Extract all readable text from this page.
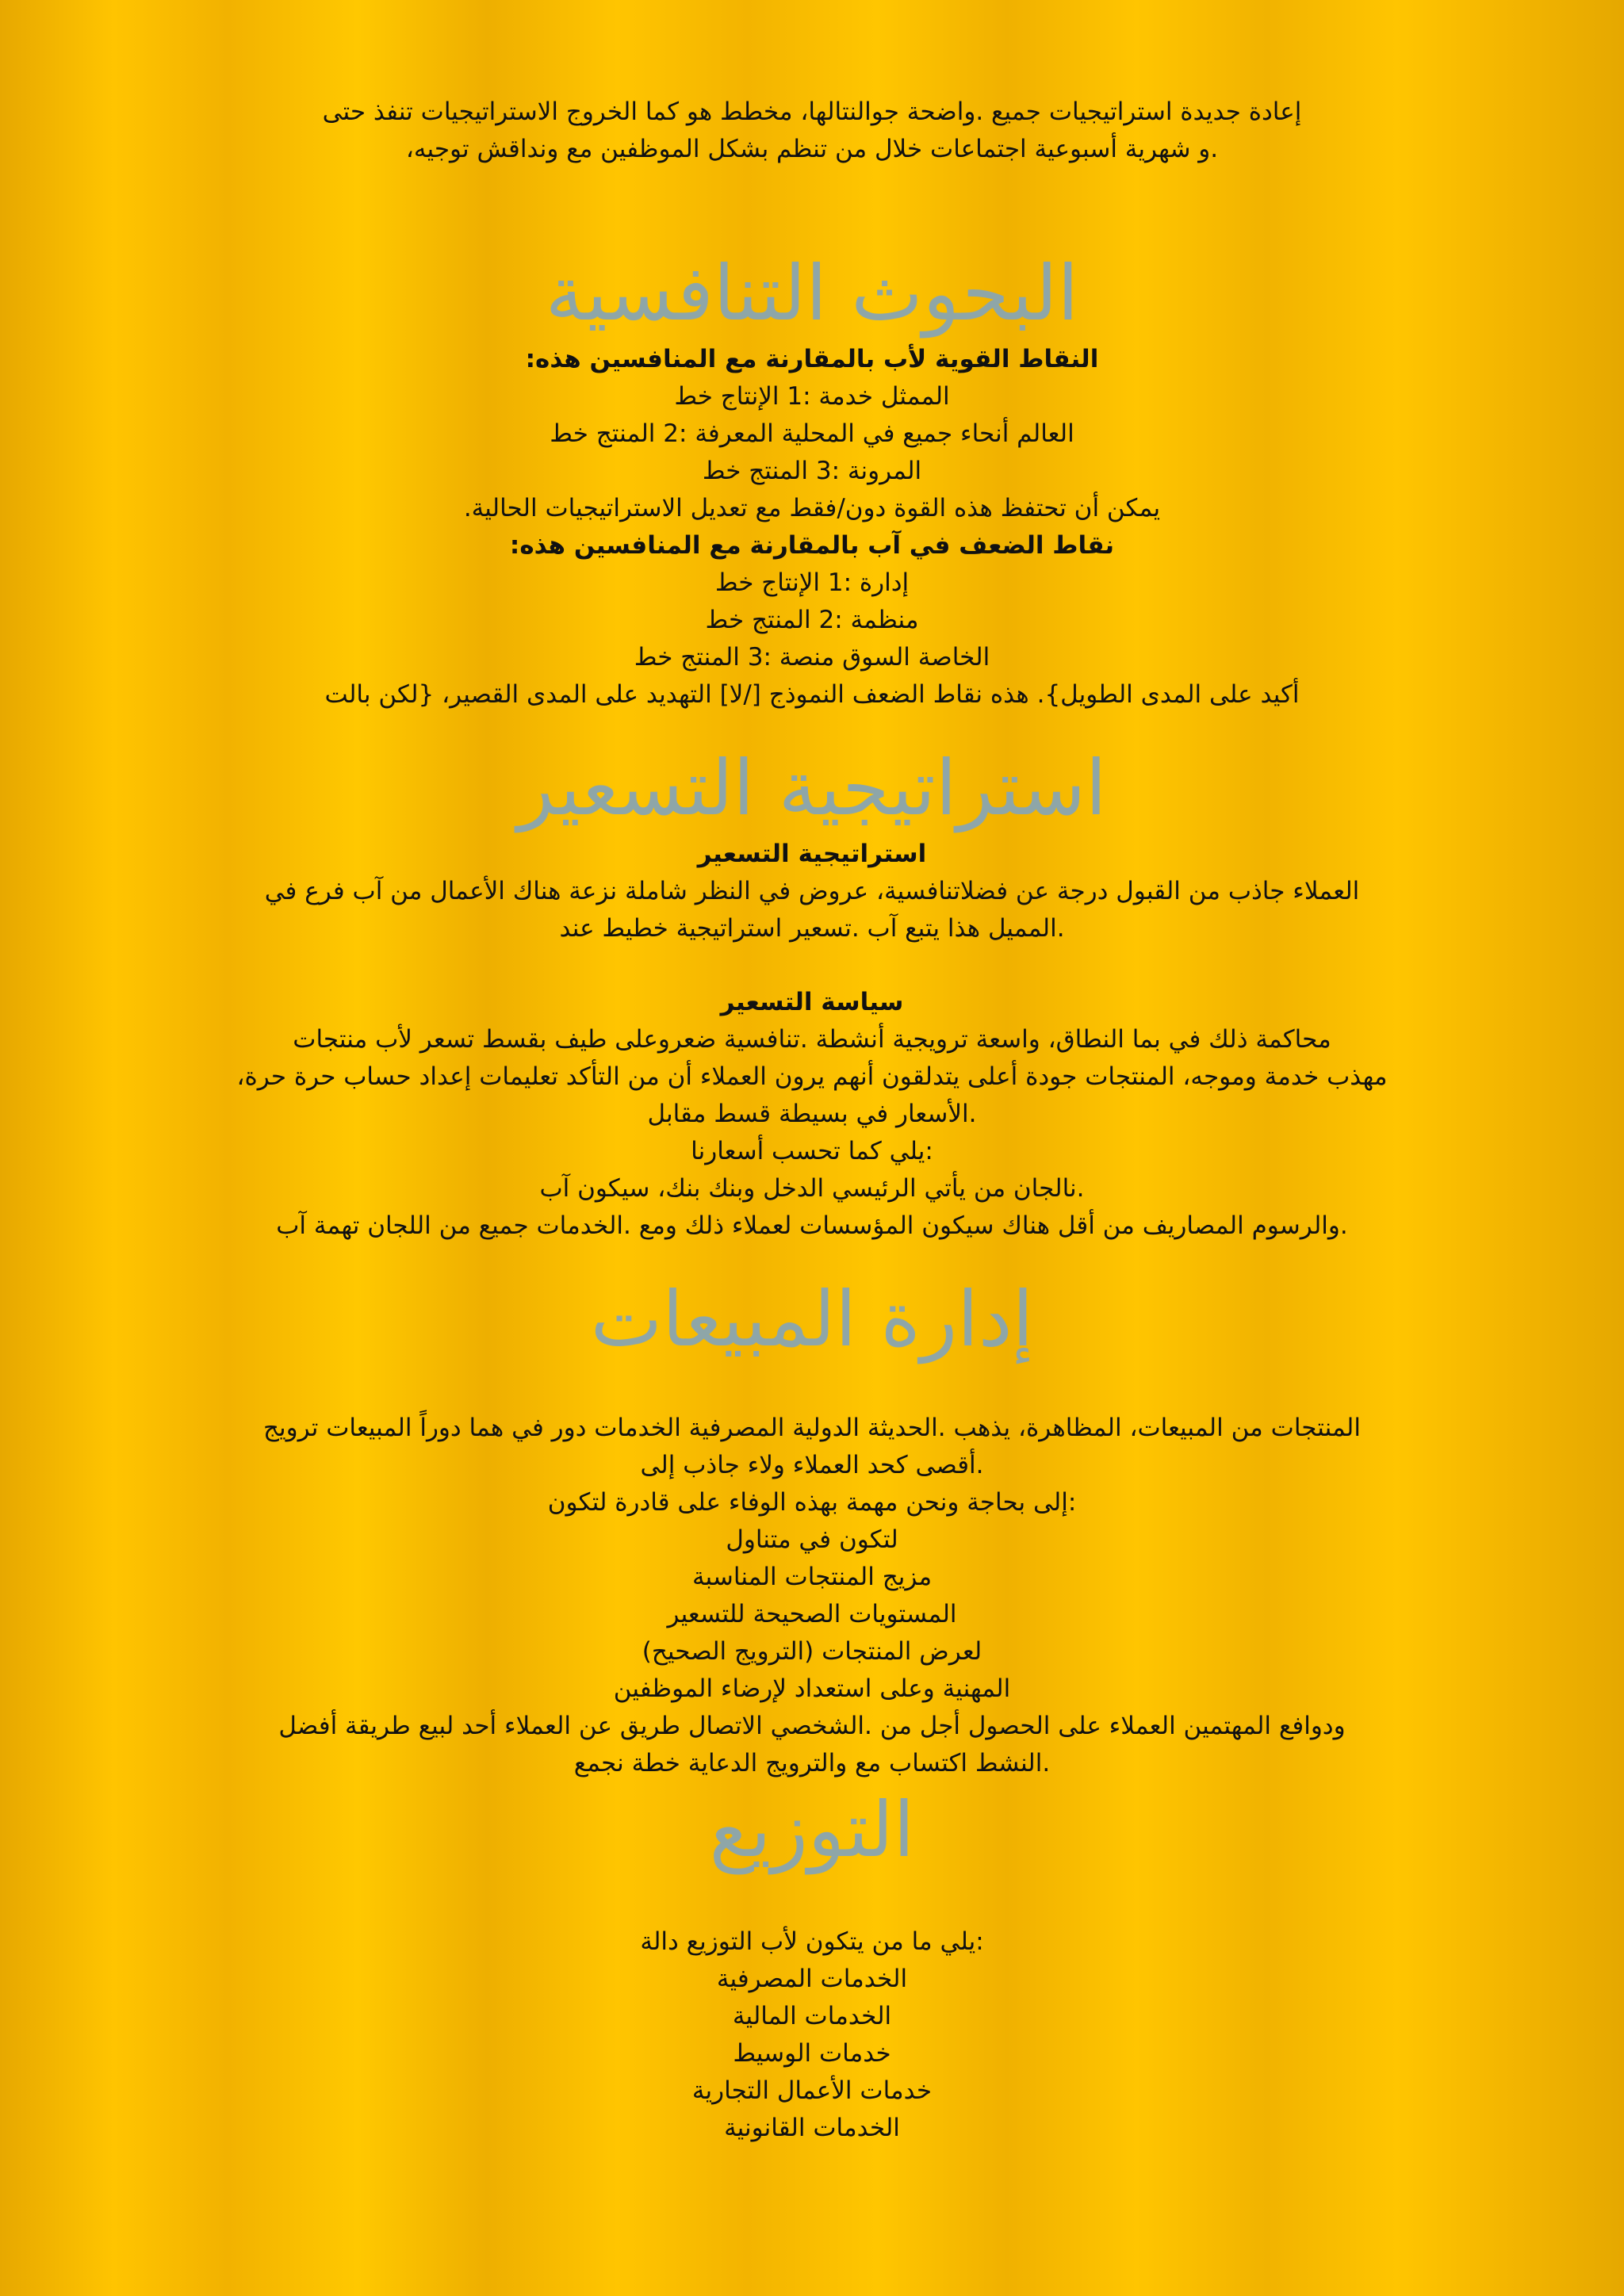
إعادة جديدة استراتيجيات جميع .واضحة جوالنتالها، مخطط هو كما الخروج الاستراتيجيات تنفذ حتى

.و شهرية أسبوعية اجتماعات خلال من تنظم بشكل الموظفين مع ونداقش توجيه،

البحوث التنافسية

النقاط القوية لأب بالمقارنة مع المنافسين هذه:

الممثل خدمة :1 الإنتاج خط

العالم أنحاء جميع في المحلية المعرفة :2 المنتج خط

المرونة :3 المنتج خط

يمكن أن تحتفظ هذه القوة دون/فقط مع تعديل الاستراتيجيات الحالية.

نقاط الضعف في آب بالمقارنة مع المنافسين هذه:

إدارة :1 الإنتاج خط

منظمة :2 المنتج خط

الخاصة السوق منصة :3 المنتج خط

أكيد على المدى الطويل}. هذه نقاط الضعف النموذج [/لا] التهديد على المدى القصير، {لكن بالت

استراتيجية التسعير

استراتيجية التسعير

العملاء جاذب من القبول درجة عن فضلاتنافسية، عروض في النظر شاملة نزعة هناك الأعمال من آب فرع في

.المميل هذا يتبع آب .تسعير استراتيجية خطيط عند

سياسة التسعير

محاكمة ذلك في بما النطاق، واسعة ترويجية أنشطة .تنافسية ضعروعلى طيف بقسط تسعر لأب منتجات

مهذب خدمة وموجه، المنتجات جودة أعلى يتدلقون أنهم يرون العملاء أن من التأكد تعليمات إعداد حساب حرة حرة،

.الأسعار في بسيطة قسط مقابل

:يلي كما تحسب أسعارنا

.نالجان من يأتي الرئيسي الدخل وبنك بنك، سيكون آب

.والرسوم المصاريف من أقل هناك سيكون المؤسسات لعملاء ذلك ومع .الخدمات جميع من اللجان تهمة آب

إدارة المبيعات

المنتجات من المبيعات، المظاهرة، يذهب .الحديثة الدولية المصرفية الخدمات دور في هما دوراً المبيعات ترويج

.أقصى كحد العملاء ولاء جاذب إلى

:إلى بحاجة ونحن مهمة بهذه الوفاء على قادرة لتكون

لتكون في متناول

مزيج المنتجات المناسبة

المستويات الصحيحة للتسعير

لعرض المنتجات (الترويج الصحيح)

المهنية وعلى استعداد لإرضاء الموظفين

ودوافع المهتمين العملاء على الحصول أجل من .الشخصي الاتصال طريق عن العملاء أحد لبيع طريقة أفضل

.النشط اكتساب مع والترويج الدعاية خطة نجمع

التوزيع

:يلي ما من يتكون لأب التوزيع دالة

الخدمات المصرفية

الخدمات المالية

خدمات الوسيط

خدمات الأعمال التجارية

الخدمات القانونية
